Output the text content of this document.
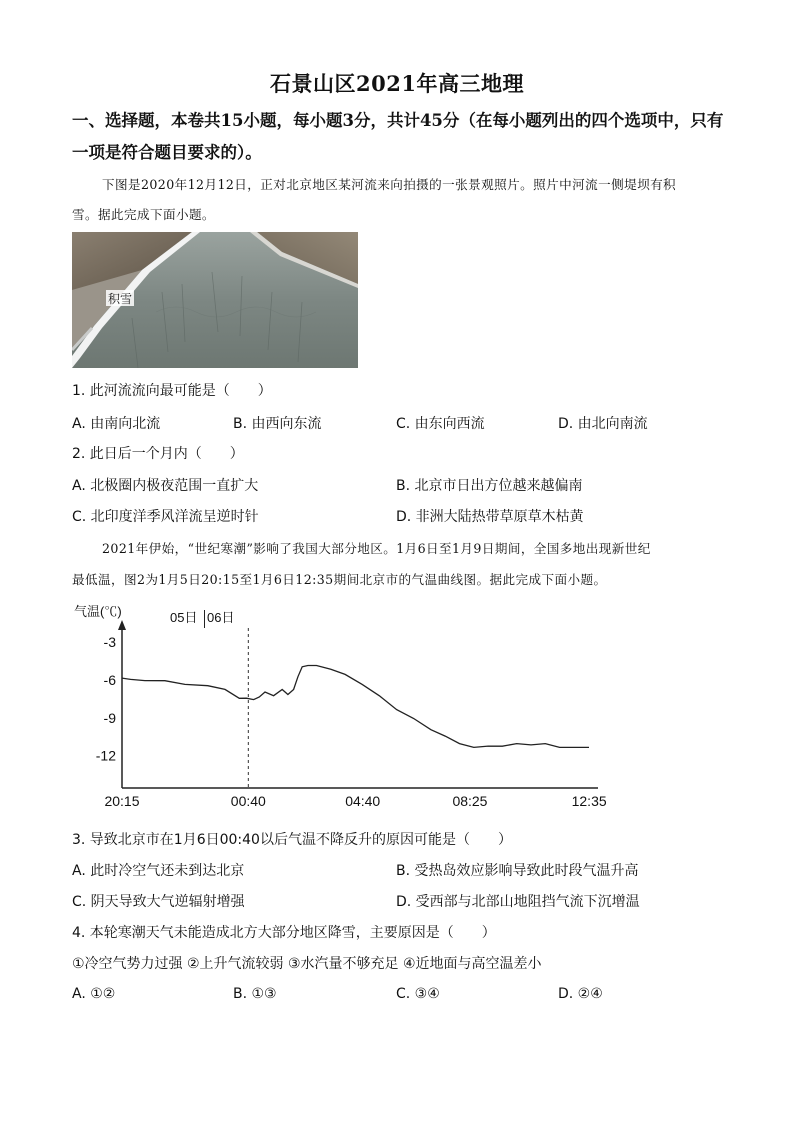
石景山区2021年高三地理
一、选择题，本卷共15小题，每小题3分，共计45分（在每小题列出的四个选项中，只有
一项是符合题目要求的）。
下图是2020年12月12日，正对北京地区某河流来向拍摄的一张景观照片。照片中河流一侧堤坝有积
雪。据此完成下面小题。
积雪
1. 此河流流向最可能是（　　）
A. 由南向北流	B. 由西向东流	C. 由东向西流	D. 由北向南流
2. 此日后一个月内（　　）
A. 北极圈内极夜范围一直扩大	B. 北京市日出方位越来越偏南
C. 北印度洋季风洋流呈逆时针	D. 非洲大陆热带草原草木枯黄
2021年伊始，“世纪寒潮”影响了我国大部分地区。1月6日至1月9日期间，全国多地出现新世纪
最低温，图2为1月5日20:15至1月6日12:35期间北京市的气温曲线图。据此完成下面小题。
气温(℃)	05日 06日
-3
-6
-9
-12
20:15	00:40	04:40	08:25	12:35
3. 导致北京市在1月6日00:40以后气温不降反升的原因可能是（　　）
A. 此时冷空气还未到达北京	B. 受热岛效应影响导致此时段气温升高
C. 阴天导致大气逆辐射增强	D. 受西部与北部山地阻挡气流下沉增温
4. 本轮寒潮天气未能造成北方大部分地区降雪，主要原因是（　　）
①冷空气势力过强 ②上升气流较弱 ③水汽量不够充足 ④近地面与高空温差小
A. ①②	B. ①③	C. ③④	D. ②④
